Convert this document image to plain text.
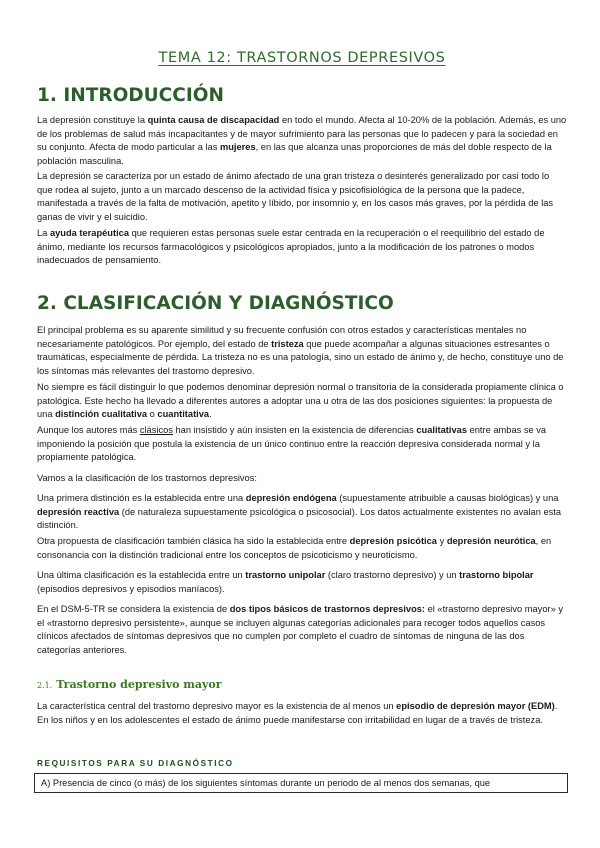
TEMA 12: TRASTORNOS DEPRESIVOS
1. INTRODUCCIÓN

La depresión constituye la quinta causa de discapacidad en todo el mundo. Afecta al 10-20% de la población. Además, es uno de los problemas de salud más incapacitantes y de mayor sufrimiento para las personas que lo padecen y para la sociedad en su conjunto. Afecta de modo particular a las mujeres, en las que alcanza unas proporciones de más del doble respecto de la población masculina.

La depresión se caracteriza por un estado de ánimo afectado de una gran tristeza o desinterés generalizado por casi todo lo que rodea al sujeto, junto a un marcado descenso de la actividad física y psicofisiológica de la persona que la padece, manifestada a través de la falta de motivación, apetito y líbido, por insomnio y, en los casos más graves, por la pérdida de las ganas de vivir y el suicidio.

La ayuda terapéutica que requieren estas personas suele estar centrada en la recuperación o el reequilibrio del estado de ánimo, mediante los recursos farmacológicos y psicológicos apropiados, junto a la modificación de los patrones o modos inadecuados de pensamiento.

2. CLASIFICACIÓN Y DIAGNÓSTICO

El principal problema es su aparente similitud y su frecuente confusión con otros estados y características mentales no necesariamente patológicos. Por ejemplo, del estado de tristeza que puede acompañar a algunas situaciones estresantes o traumáticas, especialmente de pérdida. La tristeza no es una patología, sino un estado de ánimo y, de hecho, constituye uno de los síntomas más relevantes del trastorno depresivo.

No siempre es fácil distinguir lo que podemos denominar depresión normal o transitoria de la considerada propiamente clínica o patológica. Este hecho ha llevado a diferentes autores a adoptar una u otra de las dos posiciones siguientes: la propuesta de una distinción cualitativa o cuantitativa.

Aunque los autores más clásicos han insistido y aún insisten en la existencia de diferencias cualitativas entre ambas se va imponiendo la posición que postula la existencia de un único continuo entre la reacción depresiva considerada normal y la propiamente patológica.

Vamos a la clasificación de los trastornos depresivos:

Una primera distinción es la establecida entre una depresión endógena (supuestamente atribuible a causas biológicas) y una depresión reactiva (de naturaleza supuestamente psicológica o psicosocial). Los datos actualmente existentes no avalan esta distinción.

Otra propuesta de clasificación también clásica ha sido la establecida entre depresión psicótica y depresión neurótica, en consonancia con la distinción tradicional entre los conceptos de psicoticismo y neuroticismo.

Una última clasificación es la establecida entre un trastorno unipolar (claro trastorno depresivo) y un trastorno bipolar (episodios depresivos y episodios maníacos).

En el DSM-5-TR se considera la existencia de dos tipos básicos de trastornos depresivos: el «trastorno depresivo mayor» y el «trastorno depresivo persistente», aunque se incluyen algunas categorías adicionales para recoger todos aquellos casos clínicos afectados de síntomas depresivos que no cumplen por completo el cuadro de síntomas de ninguna de las dos categorías anteriores.

2.1. Trastorno depresivo mayor

La característica central del trastorno depresivo mayor es la existencia de al menos un episodio de depresión mayor (EDM). En los niños y en los adolescentes el estado de ánimo puede manifestarse con irritabilidad en lugar de a través de tristeza.

REQUISITOS PARA SU DIAGNÓSTICO
A) Presencia de cinco (o más) de los siguientes síntomas durante un periodo de al menos dos semanas, que
